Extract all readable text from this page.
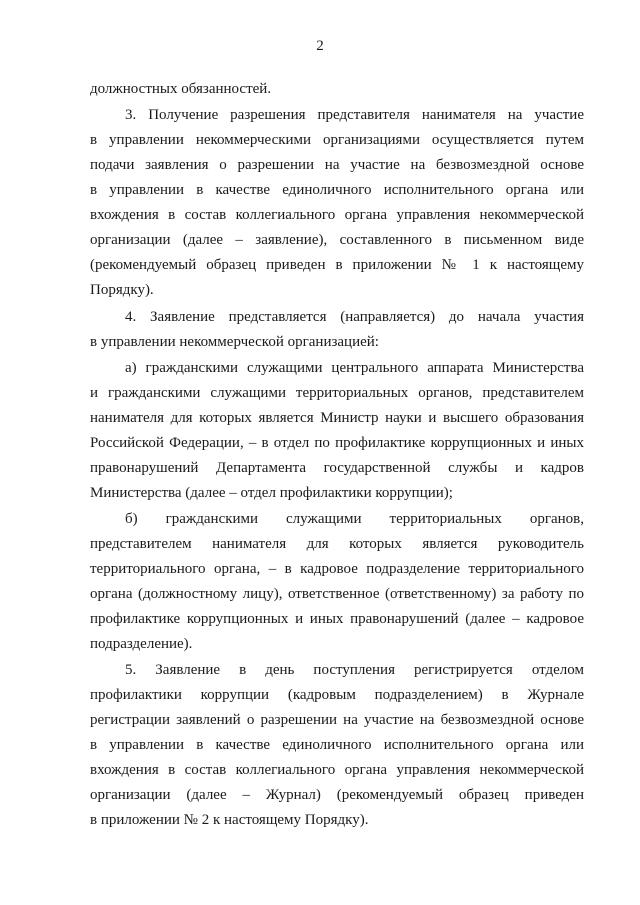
2
должностных обязанностей.
3. Получение разрешения представителя нанимателя на участие
в управлении некоммерческими организациями осуществляется путем
подачи заявления о разрешении на участие на безвозмездной основе
в управлении в качестве единоличного исполнительного органа или
вхождения в состав коллегиального органа управления некоммерческой
организации (далее – заявление), составленного в письменном виде
(рекомендуемый образец приведен в приложении № 1 к настоящему
Порядку).
4. Заявление представляется (направляется) до начала участия
в управлении некоммерческой организацией:
а) гражданскими служащими центрального аппарата Министерства
и гражданскими служащими территориальных органов, представителем
нанимателя для которых является Министр науки и высшего образования
Российской Федерации, – в отдел по профилактике коррупционных и иных
правонарушений Департамента государственной службы и кадров
Министерства (далее – отдел профилактики коррупции);
б) гражданскими служащими территориальных органов,
представителем нанимателя для которых является руководитель
территориального органа, – в кадровое подразделение территориального
органа (должностному лицу), ответственное (ответственному) за работу по
профилактике коррупционных и иных правонарушений (далее – кадровое
подразделение).
5. Заявление в день поступления регистрируется отделом
профилактики коррупции (кадровым подразделением) в Журнале
регистрации заявлений о разрешении на участие на безвозмездной основе
в управлении в качестве единоличного исполнительного органа или
вхождения в состав коллегиального органа управления некоммерческой
организации (далее – Журнал) (рекомендуемый образец приведен
в приложении № 2 к настоящему Порядку).
